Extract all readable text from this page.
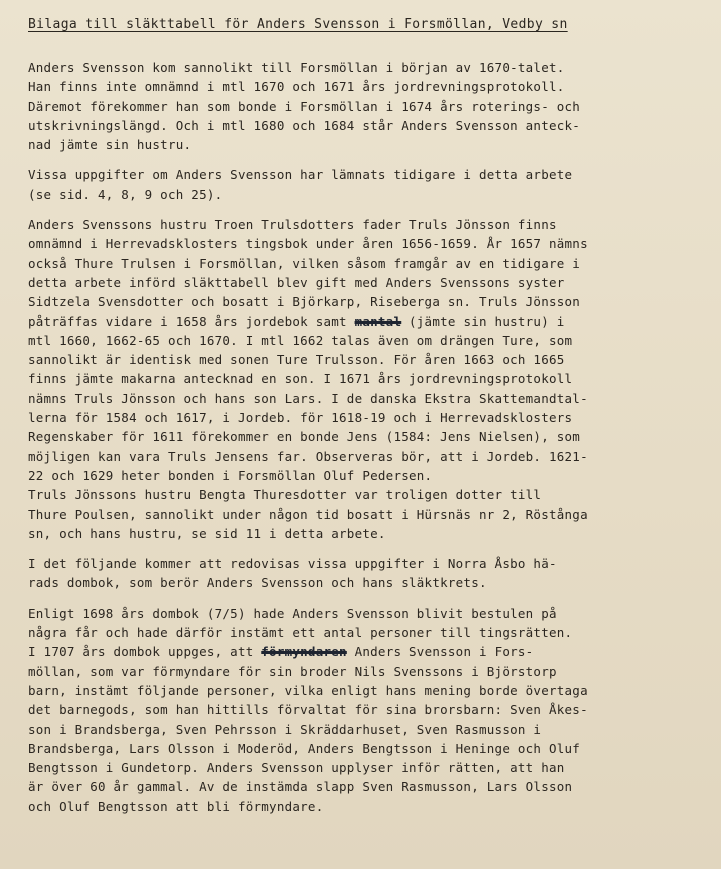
Bilaga till släkttabell för Anders Svensson i Forsmöllan, Vedby sn
Anders Svensson kom sannolikt till Forsmöllan i början av 1670-talet.
Han finns inte omnämnd i mtl 1670 och 1671 års jordrevningsprotokoll.
Däremot förekommer han som bonde i Forsmöllan i 1674 års roterings- och
utskrivningslängd. Och i mtl 1680 och 1684 står Anders Svensson anteck-
nad jämte sin hustru.
Vissa uppgifter om Anders Svensson har lämnats tidigare i detta arbete
(se sid. 4, 8, 9 och 25).
Anders Svenssons hustru Troen Trulsdotters fader Truls Jönsson finns
omnämnd i Herrevadsklosters tingsbok under åren 1656-1659. År 1657 nämns
också Thure Trulsen i Forsmöllan, vilken såsom framgår av en tidigare i
detta arbete införd släkttabell blev gift med Anders Svenssons syster
Sidtzela Svensdotter och bosatt i Björkarp, Riseberga sn. Truls Jönsson
påträffas vidare i 1658 års jordebok samt mantal (jämte sin hustru) i
mtl 1660, 1662-65 och 1670. I mtl 1662 talas även om drängen Ture, som
sannolikt är identisk med sonen Ture Trulsson. För åren 1663 och 1665
finns jämte makarna antecknad en son. I 1671 års jordrevningsprotokoll
nämns Truls Jönsson och hans son Lars. I de danska Ekstra Skattemandtal-
lerna för 1584 och 1617, i Jordeb. för 1618-19 och i Herrevadsklosters
Regenskaber för 1611 förekommer en bonde Jens (1584: Jens Nielsen), som
möjligen kan vara Truls Jensens far. Observeras bör, att i Jordeb. 1621-
22 och 1629 heter bonden i Forsmöllan Oluf Pedersen.
Truls Jönssons hustru Bengta Thuresdotter var troligen dotter till
Thure Poulsen, sannolikt under någon tid bosatt i Hürsnäs nr 2, Röstånga
sn, och hans hustru, se sid 11 i detta arbete.
I det följande kommer att redovisas vissa uppgifter i Norra Åsbo hä-
rads dombok, som berör Anders Svensson och hans släktkrets.
Enligt 1698 års dombok (7/5) hade Anders Svensson blivit bestulen på
några får och hade därför instämt ett antal personer till tingsrätten.
I 1707 års dombok uppges, att förmyndaren Anders Svensson i Fors-
möllan, som var förmyndare för sin broder Nils Svenssons i Björstorp
barn, instämt följande personer, vilka enligt hans mening borde övertaga
det barnegods, som han hittills förvaltat för sina brorsbarn: Sven Åkes-
son i Brandsberga, Sven Pehrsson i Skräddarhuset, Sven Rasmusson i
Brandsberga, Lars Olsson i Moderöd, Anders Bengtsson i Heninge och Oluf
Bengtsson i Gundetorp. Anders Svensson upplyser inför rätten, att han
är över 60 år gammal. Av de instämda slapp Sven Rasmusson, Lars Olsson
och Oluf Bengtsson att bli förmyndare.
